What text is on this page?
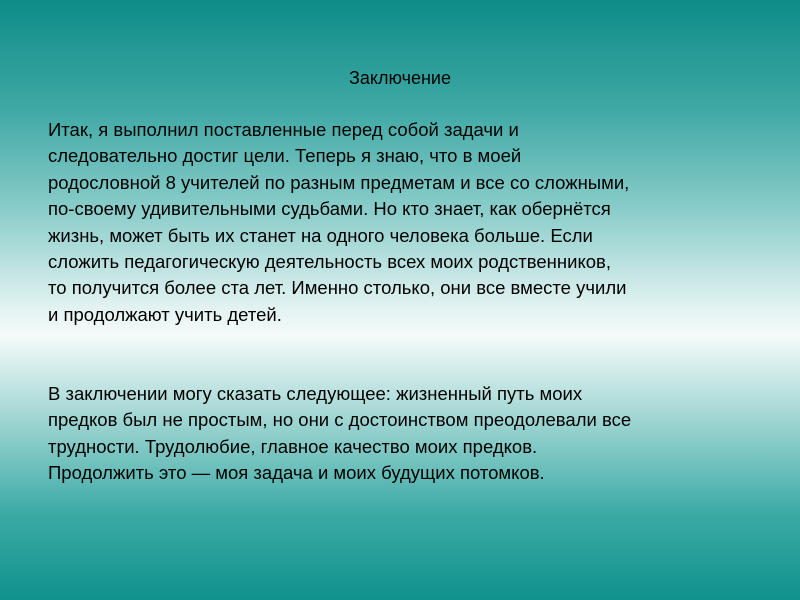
Заключение

Итак, я выполнил поставленные перед собой задачи и
следовательно достиг цели. Теперь я знаю, что в моей
родословной 8 учителей по разным предметам и все со сложными,
по-своему удивительными судьбами. Но кто знает, как обернётся
жизнь, может быть их станет на одного человека больше. Если
сложить педагогическую деятельность всех моих родственников,
то получится более ста лет. Именно столько, они все вместе учили
и продолжают учить детей.

В заключении могу сказать следующее: жизненный путь моих
предков был не простым, но они с достоинством преодолевали все
трудности. Трудолюбие, главное качество моих предков.
Продолжить это — моя задача и моих будущих потомков.
